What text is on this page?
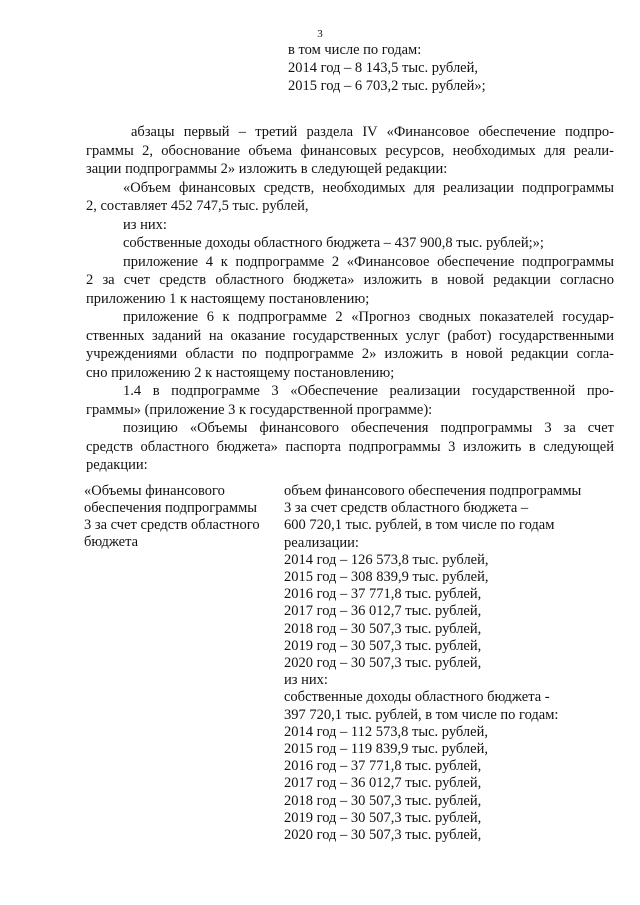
3
в том числе по годам:
2014 год – 8 143,5 тыс. рублей,
2015 год – 6 703,2 тыс. рублей»;
абзацы первый – третий раздела IV «Финансовое обеспечение подпро-
граммы 2, обоснование объема финансовых ресурсов, необходимых для реали-
зации подпрограммы 2» изложить в следующей редакции:
«Объем финансовых средств, необходимых для реализации подпрограммы
2, составляет 452 747,5 тыс. рублей,
из них:
собственные доходы областного бюджета – 437 900,8 тыс. рублей;»;
приложение 4 к подпрограмме 2 «Финансовое обеспечение подпрограммы
2 за счет средств областного бюджета» изложить в новой редакции согласно
приложению 1 к настоящему постановлению;
приложение 6 к подпрограмме 2 «Прогноз сводных показателей государ-
ственных заданий на оказание государственных услуг (работ) государственными
учреждениями области по подпрограмме 2» изложить в новой редакции согла-
сно приложению 2 к настоящему постановлению;
1.4 в подпрограмме 3 «Обеспечение реализации государственной про-
граммы» (приложение 3 к государственной программе):
позицию «Объемы финансового обеспечения подпрограммы 3 за счет
средств областного бюджета» паспорта подпрограммы 3 изложить в следующей
редакции:
«Объемы финансового
обеспечения подпрограммы
3 за счет средств областного
бюджета
объем финансового обеспечения подпрограммы
3 за счет средств областного бюджета –
600 720,1 тыс. рублей, в том числе по годам
реализации:
2014 год – 126 573,8 тыс. рублей,
2015 год – 308 839,9 тыс. рублей,
2016 год – 37 771,8 тыс. рублей,
2017 год – 36 012,7 тыс. рублей,
2018 год – 30 507,3 тыс. рублей,
2019 год – 30 507,3 тыс. рублей,
2020 год – 30 507,3 тыс. рублей,
из них:
собственные доходы областного бюджета -
397 720,1 тыс. рублей, в том числе по годам:
2014 год – 112 573,8 тыс. рублей,
2015 год – 119 839,9 тыс. рублей,
2016 год – 37 771,8 тыс. рублей,
2017 год – 36 012,7 тыс. рублей,
2018 год – 30 507,3 тыс. рублей,
2019 год – 30 507,3 тыс. рублей,
2020 год – 30 507,3 тыс. рублей,
